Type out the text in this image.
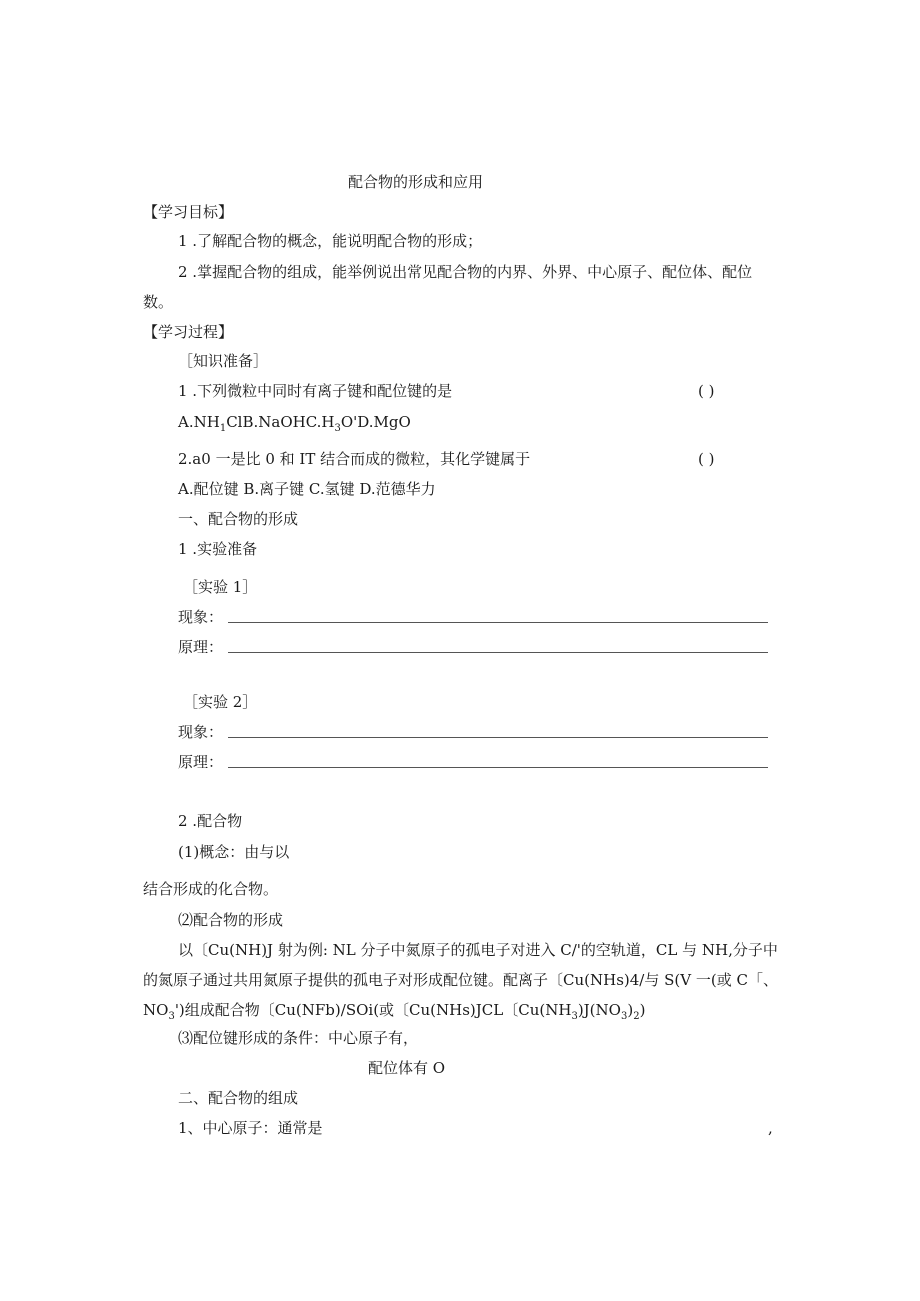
配合物的形成和应用
【学习目标】
1 .了解配合物的概念，能说明配合物的形成；
2 .掌握配合物的组成，能举例说出常见配合物的内界、外界、中心原子、配位体、配位
数。
【学习过程】
［知识准备］
1 .下列微粒中同时有离子键和配位键的是	( )
$A.NH_1ClB.NaOHC.H_3O'D.MgO$
2.a0 一是比 0 和 IT 结合而成的微粒，其化学键属于	( )
A.配位键 B.离子键 C.氢键 D.范德华力
一、配合物的形成
1 .实验准备
［实验 1］
现象：
原理：
［实验 2］
现象：
原理：
2 .配合物
(1)概念：由与以
结合形成的化合物。
⑵配合物的形成
以〔Cu(NH)J 射为例: NL 分子中氮原子的孤电子对进入 C/'的空轨道，CL 与 NH,分子中
的氮原子通过共用氮原子提供的孤电子对形成配位键。配离子〔Cu(NHs)4/与 S(V 一(或 C「、
$NO_3'$)组成配合物〔Cu(NFb)/SOi(或〔Cu(NHs)JCL〔$Cu(NH_3)J(NO_3)_2$)
⑶配位键形成的条件：中心原子有，
配位体有 O
二、配合物的组成
1、中心原子：通常是	,
